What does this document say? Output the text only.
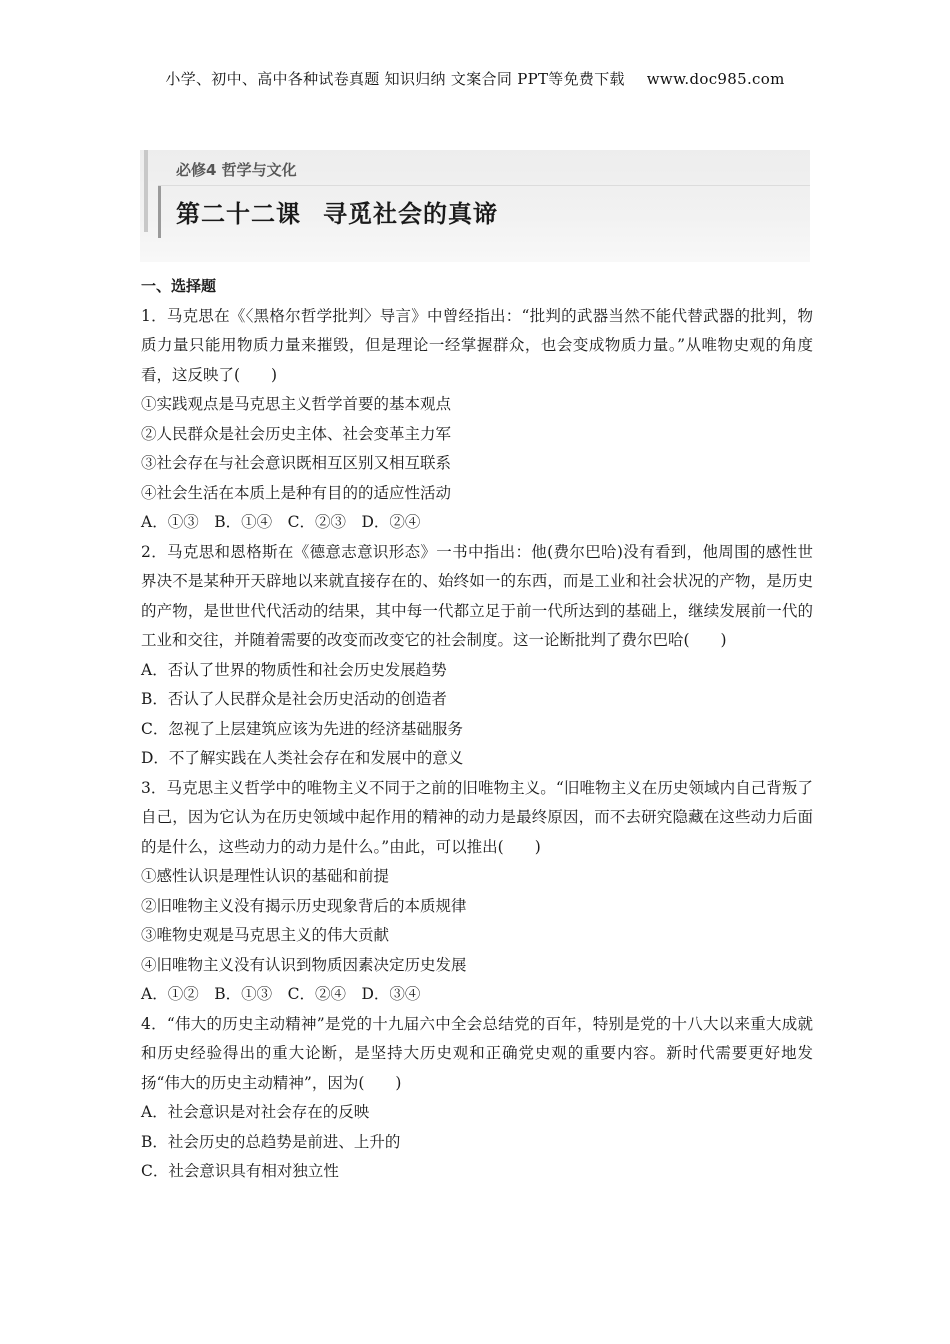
小学、初中、高中各种试卷真题 知识归纳 文案合同 PPT等免费下载 www.doc985.com
必修4 哲学与文化
第二十二课 寻觅社会的真谛
一、选择题
1．马克思在《〈黑格尔哲学批判〉导言》中曾经指出：“批判的武器当然不能代替武器的批判，物质力量只能用物质力量来摧毁，但是理论一经掌握群众，也会变成物质力量。”从唯物史观的角度看，这反映了(　　)
①实践观点是马克思主义哲学首要的基本观点
②人民群众是社会历史主体、社会变革主力军
③社会存在与社会意识既相互区别又相互联系
④社会生活在本质上是种有目的的适应性活动
A．①③　B．①④　C．②③　D．②④
2．马克思和恩格斯在《德意志意识形态》一书中指出：他(费尔巴哈)没有看到，他周围的感性世界决不是某种开天辟地以来就直接存在的、始终如一的东西，而是工业和社会状况的产物，是历史的产物，是世世代代活动的结果，其中每一代都立足于前一代所达到的基础上，继续发展前一代的工业和交往，并随着需要的改变而改变它的社会制度。这一论断批判了费尔巴哈(　　)
A．否认了世界的物质性和社会历史发展趋势
B．否认了人民群众是社会历史活动的创造者
C．忽视了上层建筑应该为先进的经济基础服务
D．不了解实践在人类社会存在和发展中的意义
3．马克思主义哲学中的唯物主义不同于之前的旧唯物主义。“旧唯物主义在历史领域内自己背叛了自己，因为它认为在历史领域中起作用的精神的动力是最终原因，而不去研究隐藏在这些动力后面的是什么，这些动力的动力是什么。”由此，可以推出(　　)
①感性认识是理性认识的基础和前提
②旧唯物主义没有揭示历史现象背后的本质规律
③唯物史观是马克思主义的伟大贡献
④旧唯物主义没有认识到物质因素决定历史发展
A．①②　B．①③　C．②④　D．③④
4．“伟大的历史主动精神”是党的十九届六中全会总结党的百年，特别是党的十八大以来重大成就和历史经验得出的重大论断，是坚持大历史观和正确党史观的重要内容。新时代需要更好地发扬“伟大的历史主动精神”，因为(　　)
A．社会意识是对社会存在的反映
B．社会历史的总趋势是前进、上升的
C．社会意识具有相对独立性
